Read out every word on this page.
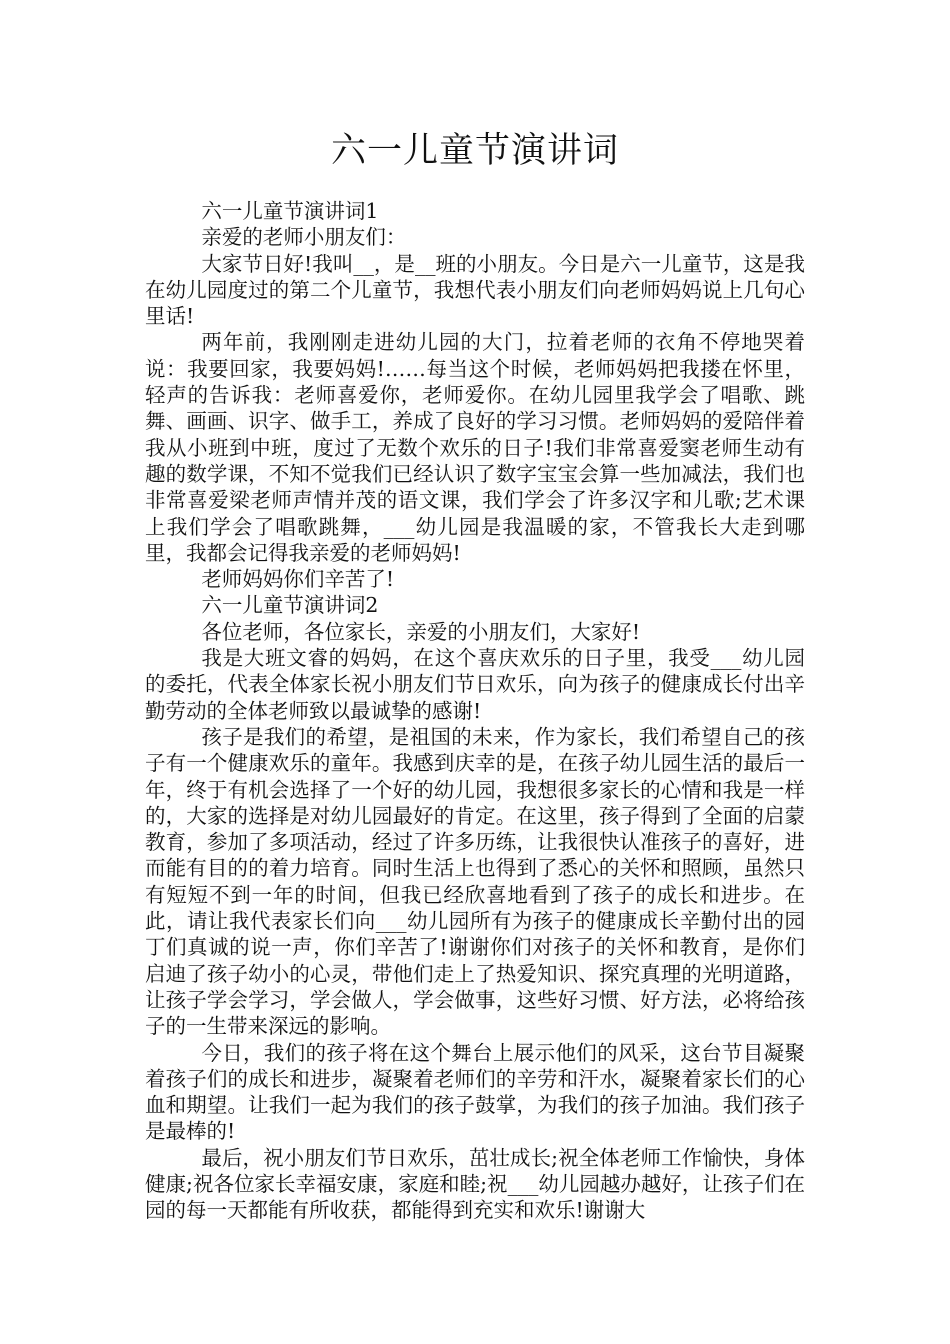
六一儿童节演讲词

六一儿童节演讲词1

亲爱的老师小朋友们：

大家节日好!我叫__，是__班的小朋友。今日是六一儿童节，这是我在幼儿园度过的第二个儿童节，我想代表小朋友们向老师妈妈说上几句心里话!

两年前，我刚刚走进幼儿园的大门，拉着老师的衣角不停地哭着说：我要回家，我要妈妈!……每当这个时候，老师妈妈把我搂在怀里，轻声的告诉我：老师喜爱你，老师爱你。在幼儿园里我学会了唱歌、跳舞、画画、识字、做手工，养成了良好的学习习惯。老师妈妈的爱陪伴着我从小班到中班，度过了无数个欢乐的日子!我们非常喜爱窦老师生动有趣的数学课，不知不觉我们已经认识了数字宝宝会算一些加减法，我们也非常喜爱梁老师声情并茂的语文课，我们学会了许多汉字和儿歌;艺术课上我们学会了唱歌跳舞，___幼儿园是我温暖的家，不管我长大走到哪里，我都会记得我亲爱的老师妈妈!

老师妈妈你们辛苦了!

六一儿童节演讲词2

各位老师，各位家长，亲爱的小朋友们，大家好!

我是大班文睿的妈妈，在这个喜庆欢乐的日子里，我受___幼儿园的委托，代表全体家长祝小朋友们节日欢乐，向为孩子的健康成长付出辛勤劳动的全体老师致以最诚挚的感谢!

孩子是我们的希望，是祖国的未来，作为家长，我们希望自己的孩子有一个健康欢乐的童年。我感到庆幸的是，在孩子幼儿园生活的最后一年，终于有机会选择了一个好的幼儿园，我想很多家长的心情和我是一样的，大家的选择是对幼儿园最好的肯定。在这里，孩子得到了全面的启蒙教育，参加了多项活动，经过了许多历练，让我很快认准孩子的喜好，进而能有目的的着力培育。同时生活上也得到了悉心的关怀和照顾，虽然只有短短不到一年的时间，但我已经欣喜地看到了孩子的成长和进步。在此，请让我代表家长们向___幼儿园所有为孩子的健康成长辛勤付出的园丁们真诚的说一声，你们辛苦了!谢谢你们对孩子的关怀和教育，是你们启迪了孩子幼小的心灵，带他们走上了热爱知识、探究真理的光明道路，让孩子学会学习，学会做人，学会做事，这些好习惯、好方法，必将给孩子的一生带来深远的影响。

今日，我们的孩子将在这个舞台上展示他们的风采，这台节目凝聚着孩子们的成长和进步，凝聚着老师们的辛劳和汗水，凝聚着家长们的心血和期望。让我们一起为我们的孩子鼓掌，为我们的孩子加油。我们孩子是最棒的!

最后，祝小朋友们节日欢乐，茁壮成长;祝全体老师工作愉快，身体健康;祝各位家长幸福安康，家庭和睦;祝___幼儿园越办越好，让孩子们在园的每一天都能有所收获，都能得到充实和欢乐!谢谢大
